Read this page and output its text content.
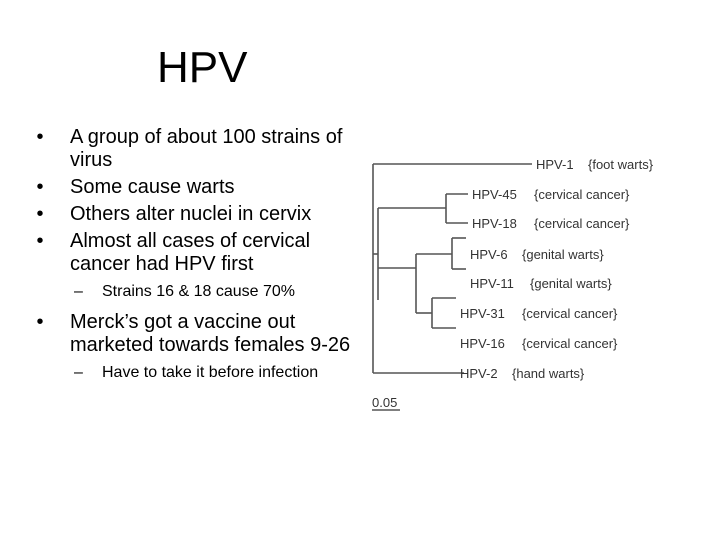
HPV
•	A group of about 100 strains of virus
•	Some cause warts
•	Others alter nuclei in cervix
•	Almost all cases of cervical cancer had HPV first
– Strains 16 & 18 cause 70%
•	Merck’s got a vaccine out marketed towards females 9-26
– Have to take it before infection
HPV-1 {foot warts}
HPV-45 {cervical cancer}
HPV-18 {cervical cancer}
HPV-6 {genital warts}
HPV-11 {genital warts}
HPV-31 {cervical cancer}
HPV-16 {cervical cancer}
HPV-2 {hand warts}
0.05
